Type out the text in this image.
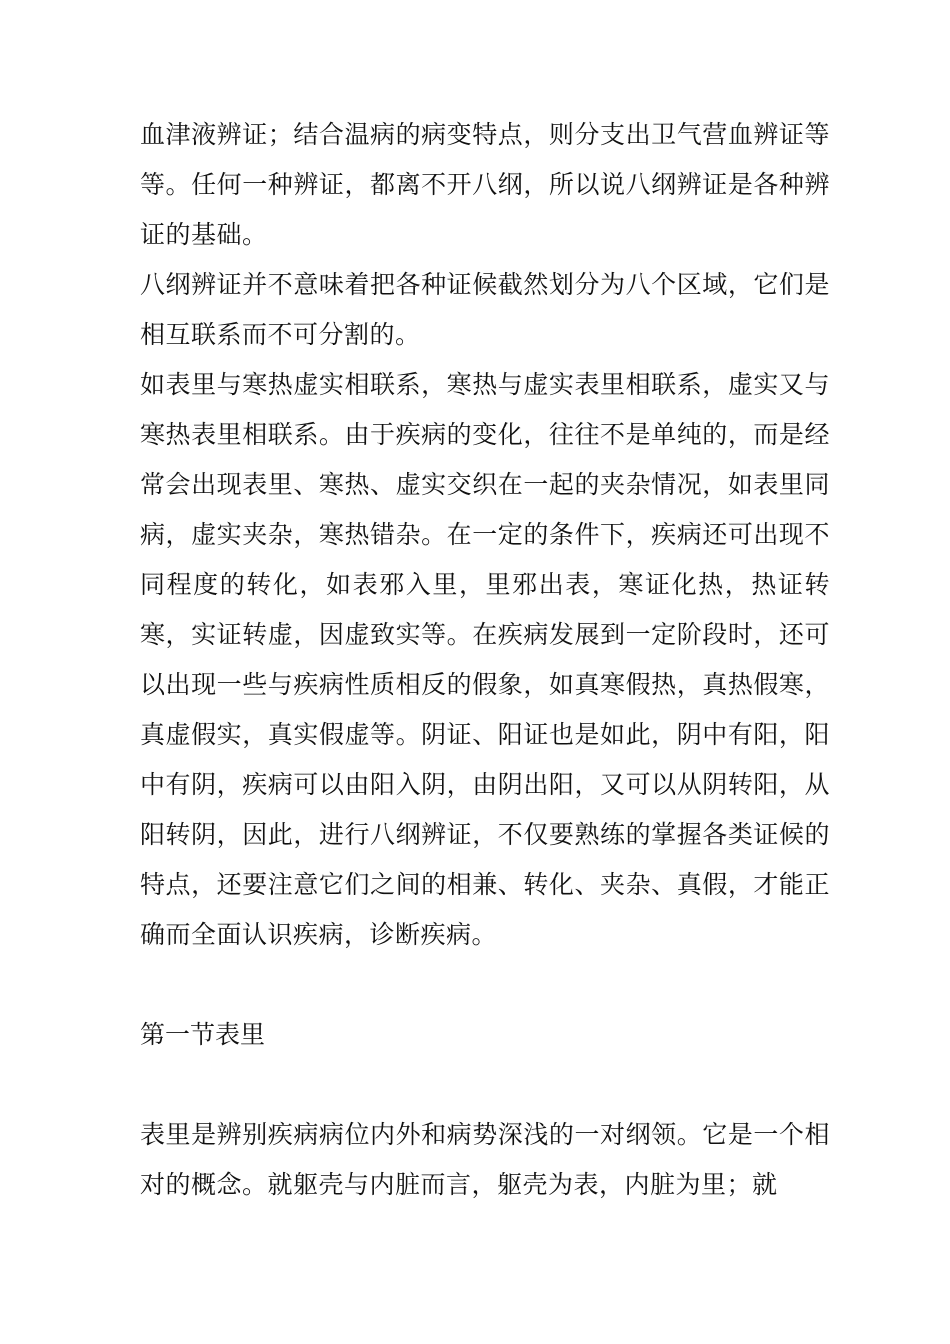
血津液辨证；结合温病的病变特点，则分支出卫气营血辨证等等。任何一种辨证，都离不开八纲，所以说八纲辨证是各种辨证的基础。

八纲辨证并不意味着把各种证候截然划分为八个区域，它们是相互联系而不可分割的。

如表里与寒热虚实相联系，寒热与虚实表里相联系，虚实又与寒热表里相联系。由于疾病的变化，往往不是单纯的，而是经常会出现表里、寒热、虚实交织在一起的夹杂情况，如表里同病，虚实夹杂，寒热错杂。在一定的条件下，疾病还可出现不同程度的转化，如表邪入里，里邪出表，寒证化热，热证转寒，实证转虚，因虚致实等。在疾病发展到一定阶段时，还可以出现一些与疾病性质相反的假象，如真寒假热，真热假寒，真虚假实，真实假虚等。阴证、阳证也是如此，阴中有阳，阳中有阴，疾病可以由阳入阴，由阴出阳，又可以从阴转阳，从阳转阴，因此，进行八纲辨证，不仅要熟练的掌握各类证候的特点，还要注意它们之间的相兼、转化、夹杂、真假，才能正确而全面认识疾病，诊断疾病。

第一节表里

表里是辨别疾病病位内外和病势深浅的一对纲领。它是一个相对的概念。就躯壳与内脏而言，躯壳为表，内脏为里；就
